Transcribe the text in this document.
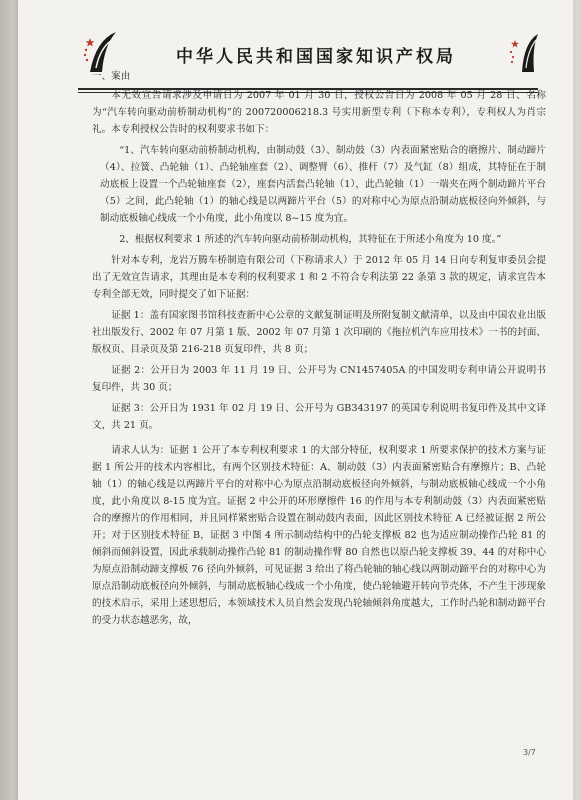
中华人民共和国国家知识产权局

一、案由

本无效宣告请求涉及申请日为 2007 年 01 月 30 日，授权公告日为 2008 年 05 月 28 日、名称为“汽车转向驱动前桥制动机构”的 200720006218.3 号实用新型专利（下称本专利），专利权人为肖宗礼。本专利授权公告时的权利要求书如下：

“1、汽车转向驱动前桥制动机构，由制动鼓（3）、制动鼓（3）内表面紧密贴合的磨擦片、制动蹄片（4）、拉簧、凸轮轴（1）、凸轮轴座套（2）、调整臂（6）、推杆（7）及气缸（8）组成，其特征在于制动底板上设置一个凸轮轴座套（2），座套内活套凸轮轴（1），此凸轮轴（1）一端夹在两个制动蹄片平台（5）之间，此凸轮轴（1）的轴心线是以两蹄片平台（5）的对称中心为原点沿制动底板径向外倾斜，与制动底板轴心线成一个小角度，此小角度以 8~15 度为宜。

2、根据权利要求 1 所述的汽车转向驱动前桥制动机构，其特征在于所述小角度为 10 度。”

针对本专利，龙岩万腾车桥制造有限公司（下称请求人）于 2012 年 05 月 14 日向专利复审委员会提出了无效宣告请求，其理由是本专利的权利要求 1 和 2 不符合专利法第 22 条第 3 款的规定，请求宣告本专利全部无效，同时提交了如下证据：

证据 1：盖有国家图书馆科技查新中心公章的文献复制证明及所附复制文献清单，以及由中国农业出版社出版发行、2002 年 07 月第 1 版、2002 年 07 月第 1 次印刷的《拖拉机汽车应用技术》一书的封面、版权页、目录页及第 216-218 页复印件，共 8 页；

证据 2：公开日为 2003 年 11 月 19 日、公开号为 CN1457405A 的中国发明专利申请公开说明书复印件，共 30 页；

证据 3：公开日为 1931 年 02 月 19 日、公开号为 GB343197 的英国专利说明书复印件及其中文译文，共 21 页。

请求人认为：证据 1 公开了本专利权利要求 1 的大部分特征，权利要求 1 所要求保护的技术方案与证据 1 所公开的技术内容相比，有两个区别技术特征：A、制动鼓（3）内表面紧密贴合有摩擦片；B、凸轮轴（1）的轴心线是以两蹄片平台的对称中心为原点沿制动底板径向外倾斜，与制动底板轴心线成一个小角度，此小角度以 8-15 度为宜。证据 2 中公开的环形摩擦件 16 的作用与本专利制动鼓（3）内表面紧密贴合的摩擦片的作用相同，并且同样紧密贴合设置在制动鼓内表面，因此区别技术特征 A 已经被证据 2 所公开；对于区别技术特征 B，证据 3 中图 4 所示制动结构中的凸轮支撑板 82 也为适应制动操作凸轮 81 的倾斜而倾斜设置，因此承载制动操作凸轮 81 的制动操作臂 80 自然也以原凸轮支撑板 39、44 的对称中心为原点沿制动蹄支撑板 76 径向外倾斜，可见证据 3 给出了将凸轮轴的轴心线以两制动蹄平台的对称中心为原点沿制动底板径向外倾斜，与制动底板轴心线成一个小角度，使凸轮轴避开转向节壳体，不产生干涉现象的技术启示，采用上述思想后，本领域技术人员自然会发现凸轮轴倾斜角度越大，工作时凸轮和制动蹄平台的受力状态越恶劣，故，

3/7
